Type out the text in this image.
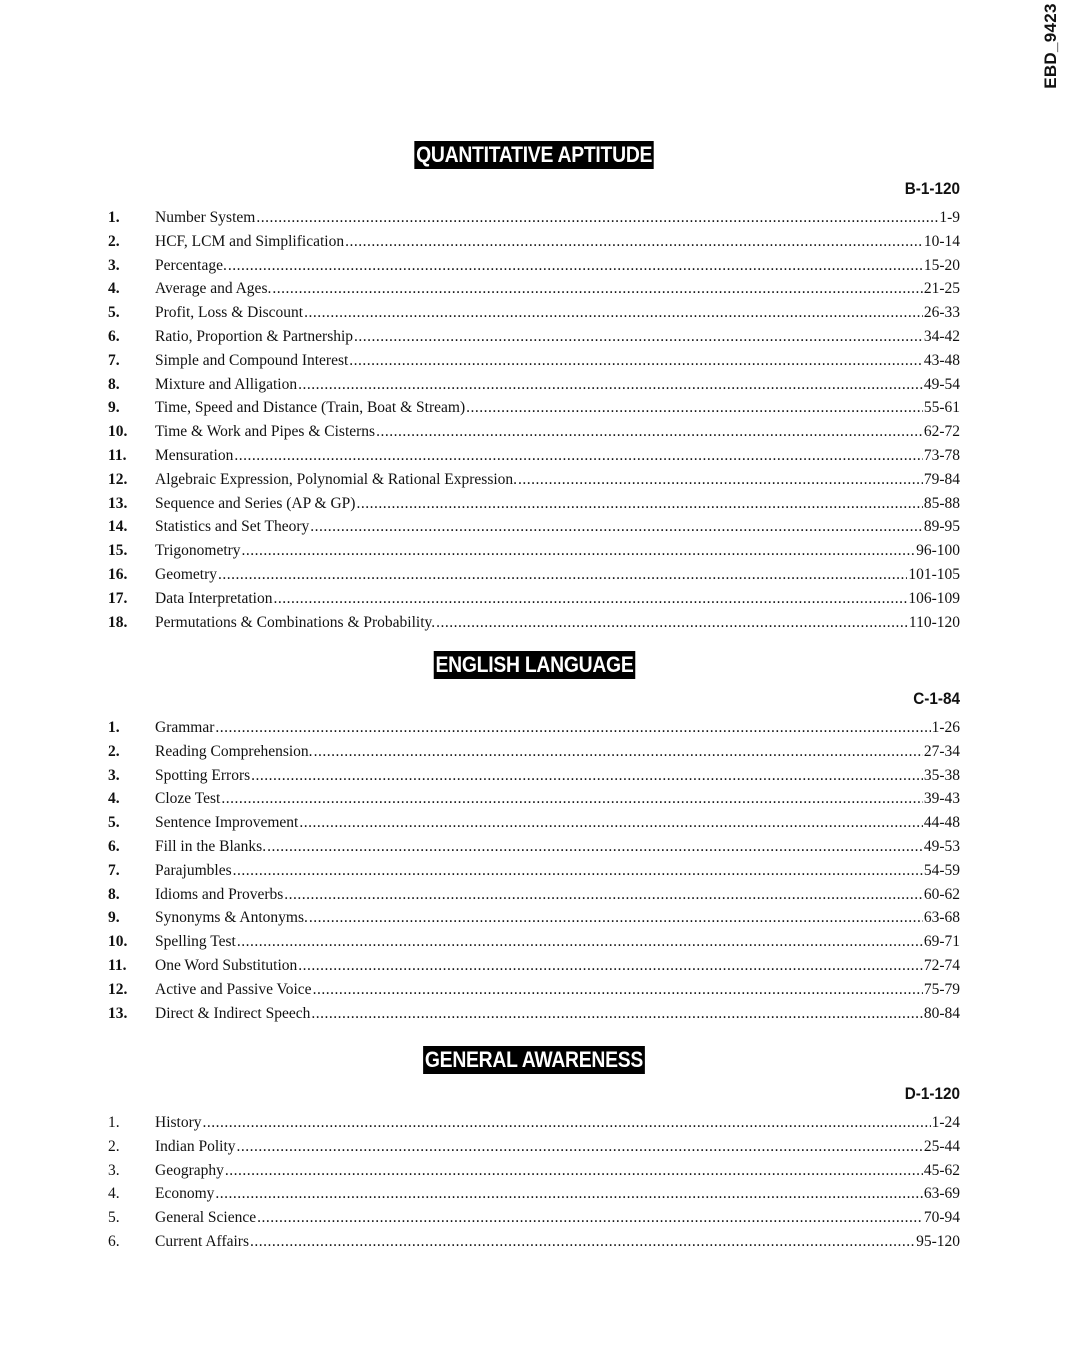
EBD_9423
QUANTITATIVE APTITUDE
B-1-120
1.	Number System .....	1-9
2.	HCF, LCM and Simplification .....	10-14
3.	Percentage. .....	15-20
4.	Average and Ages. .....	21-25
5.	Profit, Loss & Discount .....	26-33
6.	Ratio, Proportion & Partnership .....	34-42
7.	Simple and Compound Interest .....	43-48
8.	Mixture and Alligation .....	49-54
9.	Time, Speed and Distance (Train, Boat & Stream) .....	55-61
10.	Time & Work and Pipes & Cisterns .....	62-72
11.	Mensuration .....	73-78
12.	Algebraic Expression, Polynomial & Rational Expression. .....	79-84
13.	Sequence and Series (AP & GP) .....	85-88
14.	Statistics and Set Theory .....	89-95
15.	Trigonometry .....	96-100
16.	Geometry .....	101-105
17.	Data Interpretation .....	106-109
18.	Permutations & Combinations & Probability. .....	110-120
ENGLISH LANGUAGE
C-1-84
1.	Grammar .....	1-26
2.	Reading Comprehension. .....	27-34
3.	Spotting Errors .....	35-38
4.	Cloze Test .....	39-43
5.	Sentence Improvement .....	44-48
6.	Fill in the Blanks. .....	49-53
7.	Parajumbles .....	54-59
8.	Idioms and Proverbs .....	60-62
9.	Synonyms & Antonyms. .....	63-68
10.	Spelling Test .....	69-71
11.	One Word Substitution .....	72-74
12.	Active and Passive Voice .....	75-79
13.	Direct & Indirect Speech .....	80-84
GENERAL AWARENESS
D-1-120
1.	History .....	1-24
2.	Indian Polity .....	25-44
3.	Geography .....	45-62
4.	Economy .....	63-69
5.	General Science .....	70-94
6.	Current Affairs .....	95-120
